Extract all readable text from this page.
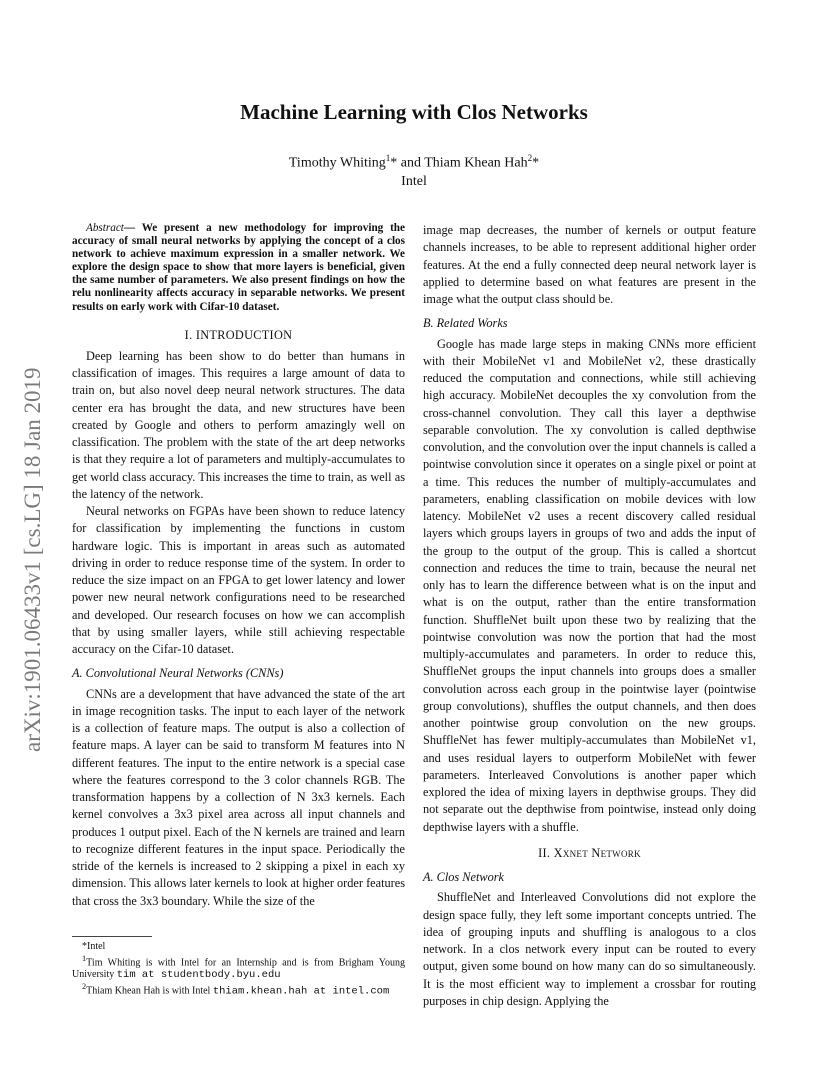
Machine Learning with Clos Networks
Timothy Whiting$^1$* and Thiam Khean Hah$^2$*
Intel
arXiv:1901.06433v1 [cs.LG] 18 Jan 2019

Abstract— We present a new methodology for improving the accuracy of small neural networks by applying the concept of a clos network to achieve maximum expression in a smaller network. We explore the design space to show that more layers is beneficial, given the same number of parameters. We also present findings on how the relu nonlinearity affects accuracy in separable networks. We present results on early work with Cifar-10 dataset.

I. INTRODUCTION

Deep learning has been show to do better than humans in classification of images. This requires a large amount of data to train on, but also novel deep neural network structures. The data center era has brought the data, and new structures have been created by Google and others to perform amazingly well on classification. The problem with the state of the art deep networks is that they require a lot of parameters and multiply-accumulates to get world class accuracy. This increases the time to train, as well as the latency of the network.

Neural networks on FGPAs have been shown to reduce latency for classification by implementing the functions in custom hardware logic. This is important in areas such as automated driving in order to reduce response time of the system. In order to reduce the size impact on an FPGA to get lower latency and lower power new neural network configurations need to be researched and developed. Our research focuses on how we can accomplish that by using smaller layers, while still achieving respectable accuracy on the Cifar-10 dataset.

A. Convolutional Neural Networks (CNNs)

CNNs are a development that have advanced the state of the art in image recognition tasks. The input to each layer of the network is a collection of feature maps. The output is also a collection of feature maps. A layer can be said to transform M features into N different features. The input to the entire network is a special case where the features correspond to the 3 color channels RGB. The transformation happens by a collection of N 3x3 kernels. Each kernel convolves a 3x3 pixel area across all input channels and produces 1 output pixel. Each of the N kernels are trained and learn to recognize different features in the input space. Periodically the stride of the kernels is increased to 2 skipping a pixel in each xy dimension. This allows later kernels to look at higher order features that cross the 3x3 boundary. While the size of the

*Intel
$^1$Tim Whiting is with Intel for an Internship and is from Brigham Young University tim at studentbody.byu.edu
$^2$Thiam Khean Hah is with Intel thiam.khean.hah at intel.com

image map decreases, the number of kernels or output feature channels increases, to be able to represent additional higher order features. At the end a fully connected deep neural network layer is applied to determine based on what features are present in the image what the output class should be.

B. Related Works

Google has made large steps in making CNNs more efficient with their MobileNet v1 and MobileNet v2, these drastically reduced the computation and connections, while still achieving high accuracy. MobileNet decouples the xy convolution from the cross-channel convolution. They call this layer a depthwise separable convolution. The xy convolution is called depthwise convolution, and the convolution over the input channels is called a pointwise convolution since it operates on a single pixel or point at a time. This reduces the number of multiply-accumulates and parameters, enabling classification on mobile devices with low latency. MobileNet v2 uses a recent discovery called residual layers which groups layers in groups of two and adds the input of the group to the output of the group. This is called a shortcut connection and reduces the time to train, because the neural net only has to learn the difference between what is on the input and what is on the output, rather than the entire transformation function. ShuffleNet built upon these two by realizing that the pointwise convolution was now the portion that had the most multiply-accumulates and parameters. In order to reduce this, ShuffleNet groups the input channels into groups does a smaller convolution across each group in the pointwise layer (pointwise group convolutions), shuffles the output channels, and then does another pointwise group convolution on the new groups. ShuffleNet has fewer multiply-accumulates than MobileNet v1, and uses residual layers to outperform MobileNet with fewer parameters. Interleaved Convolutions is another paper which explored the idea of mixing layers in depthwise groups. They did not separate out the depthwise from pointwise, instead only doing depthwise layers with a shuffle.

II. Xxnet Network
A. Clos Network

ShuffleNet and Interleaved Convolutions did not explore the design space fully, they left some important concepts untried. The idea of grouping inputs and shuffling is analogous to a clos network. In a clos network every input can be routed to every output, given some bound on how many can do so simultaneously. It is the most efficient way to implement a crossbar for routing purposes in chip design. Applying the
